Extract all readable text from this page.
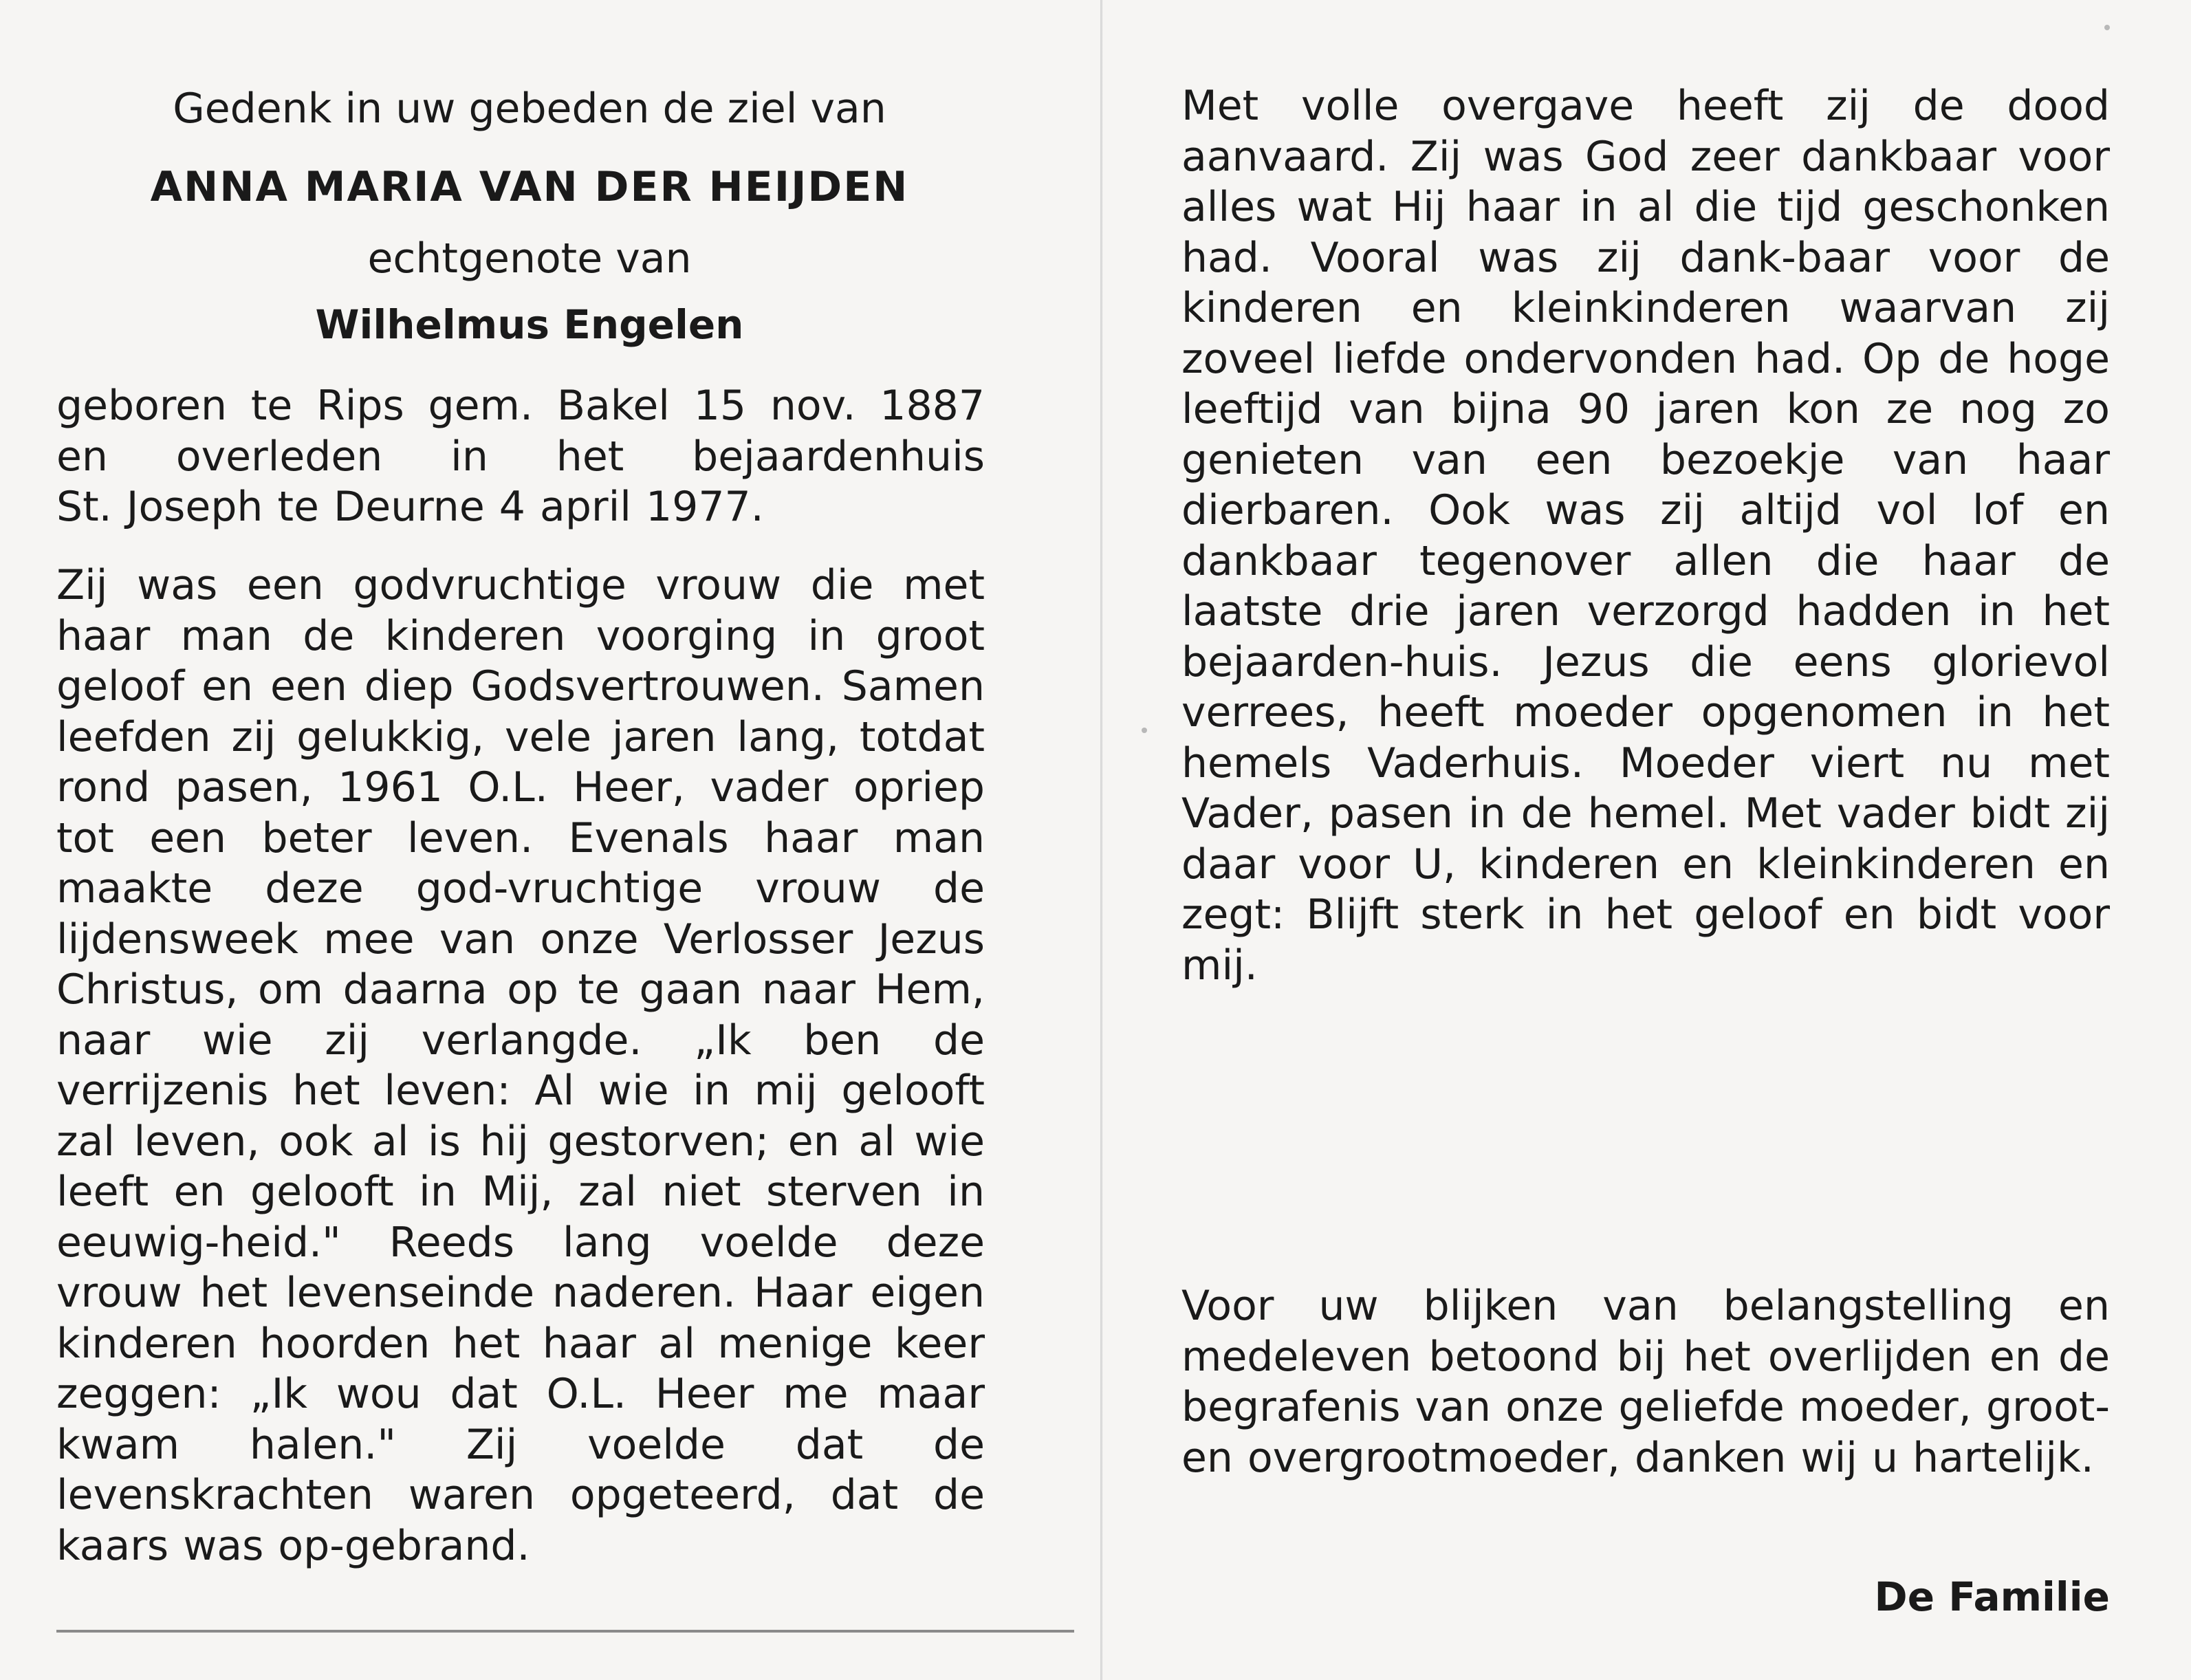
Gedenk in uw gebeden de ziel van
ANNA MARIA VAN DER HEIJDEN
echtgenote van
Wilhelmus Engelen
geboren te Rips gem. Bakel 15 nov. 1887
en overleden in het bejaardenhuis
St. Joseph te Deurne 4 april 1977.
Zij was een godvruchtige vrouw die met haar man de kinderen voorging in groot geloof en een diep Godsvertrouwen. Samen leefden zij gelukkig, vele jaren lang, totdat rond pasen, 1961 O.L. Heer, vader opriep tot een beter leven. Evenals haar man maakte deze god-vruchtige vrouw de lijdensweek mee van onze Verlosser Jezus Christus, om daarna op te gaan naar Hem, naar wie zij verlangde. „Ik ben de verrijzenis het leven: Al wie in mij gelooft zal leven, ook al is hij gestorven; en al wie leeft en gelooft in Mij, zal niet sterven in eeuwig-heid." Reeds lang voelde deze vrouw het levenseinde naderen. Haar eigen kinderen hoorden het haar al menige keer zeggen: „Ik wou dat O.L. Heer me maar kwam halen." Zij voelde dat de levenskrachten waren opgeteerd, dat de kaars was op-gebrand.
Met volle overgave heeft zij de dood aanvaard. Zij was God zeer dankbaar voor alles wat Hij haar in al die tijd geschonken had. Vooral was zij dank-baar voor de kinderen en kleinkinderen waarvan zij zoveel liefde ondervonden had. Op de hoge leeftijd van bijna 90 jaren kon ze nog zo genieten van een bezoekje van haar dierbaren. Ook was zij altijd vol lof en dankbaar tegenover allen die haar de laatste drie jaren verzorgd hadden in het bejaarden-huis. Jezus die eens glorievol verrees, heeft moeder opgenomen in het hemels Vaderhuis. Moeder viert nu met Vader, pasen in de hemel. Met vader bidt zij daar voor U, kinderen en kleinkinderen en zegt: Blijft sterk in het geloof en bidt voor mij.
Voor uw blijken van belangstelling en medeleven betoond bij het overlijden en de begrafenis van onze geliefde moeder, groot- en overgrootmoeder, danken wij u hartelijk.
De Familie
